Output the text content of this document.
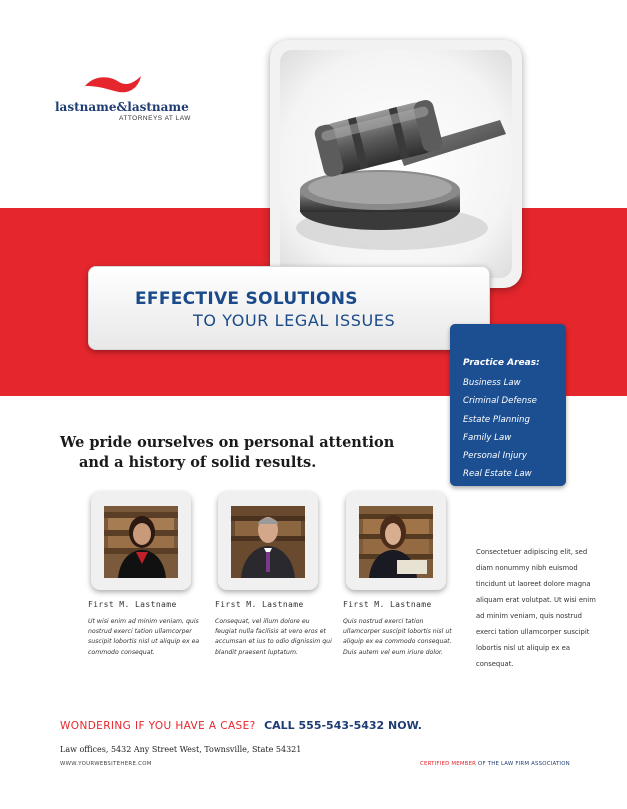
lastname&lastname
ATTORNEYS AT LAW
EFFECTIVE SOLUTIONS
TO YOUR LEGAL ISSUES
Practice Areas:
Business Law
Criminal Defense
Estate Planning
Family Law
Personal Injury
Real Estate Law
We pride ourselves on personal attention
and a history of solid results.
First M. Lastname
Ut wisi enim ad minim veniam, quis nostrud exerci tation ullamcorper suscipit lobortis nisl ut aliquip ex ea commodo consequat.
First M. Lastname
Consequat, vel illum dolore eu feugiat nulla facilisis at vero eros et accumsan et ius to odio dignissim qui blandit praesent luptatum.
First M. Lastname
Quis nostrud exerci tation ullamcorper suscipit lobortis nisl ut aliquip ex ea commodo consequat. Duis autem vel eum iriure dolor.
Consectetuer adipiscing elit, sed diam nonummy nibh euismod tincidunt ut laoreet dolore magna aliquam erat volutpat. Ut wisi enim ad minim veniam, quis nostrud exerci tation ullamcorper suscipit lobortis nisl ut aliquip ex ea consequat.
WONDERING IF YOU HAVE A CASE? CALL 555-543-5432 NOW.
Law offices, 5432 Any Street West, Townsville, State 54321
WWW.YOURWEBSITEHERE.COM	CERTIFIED MEMBER OF THE LAW FIRM ASSOCIATION
